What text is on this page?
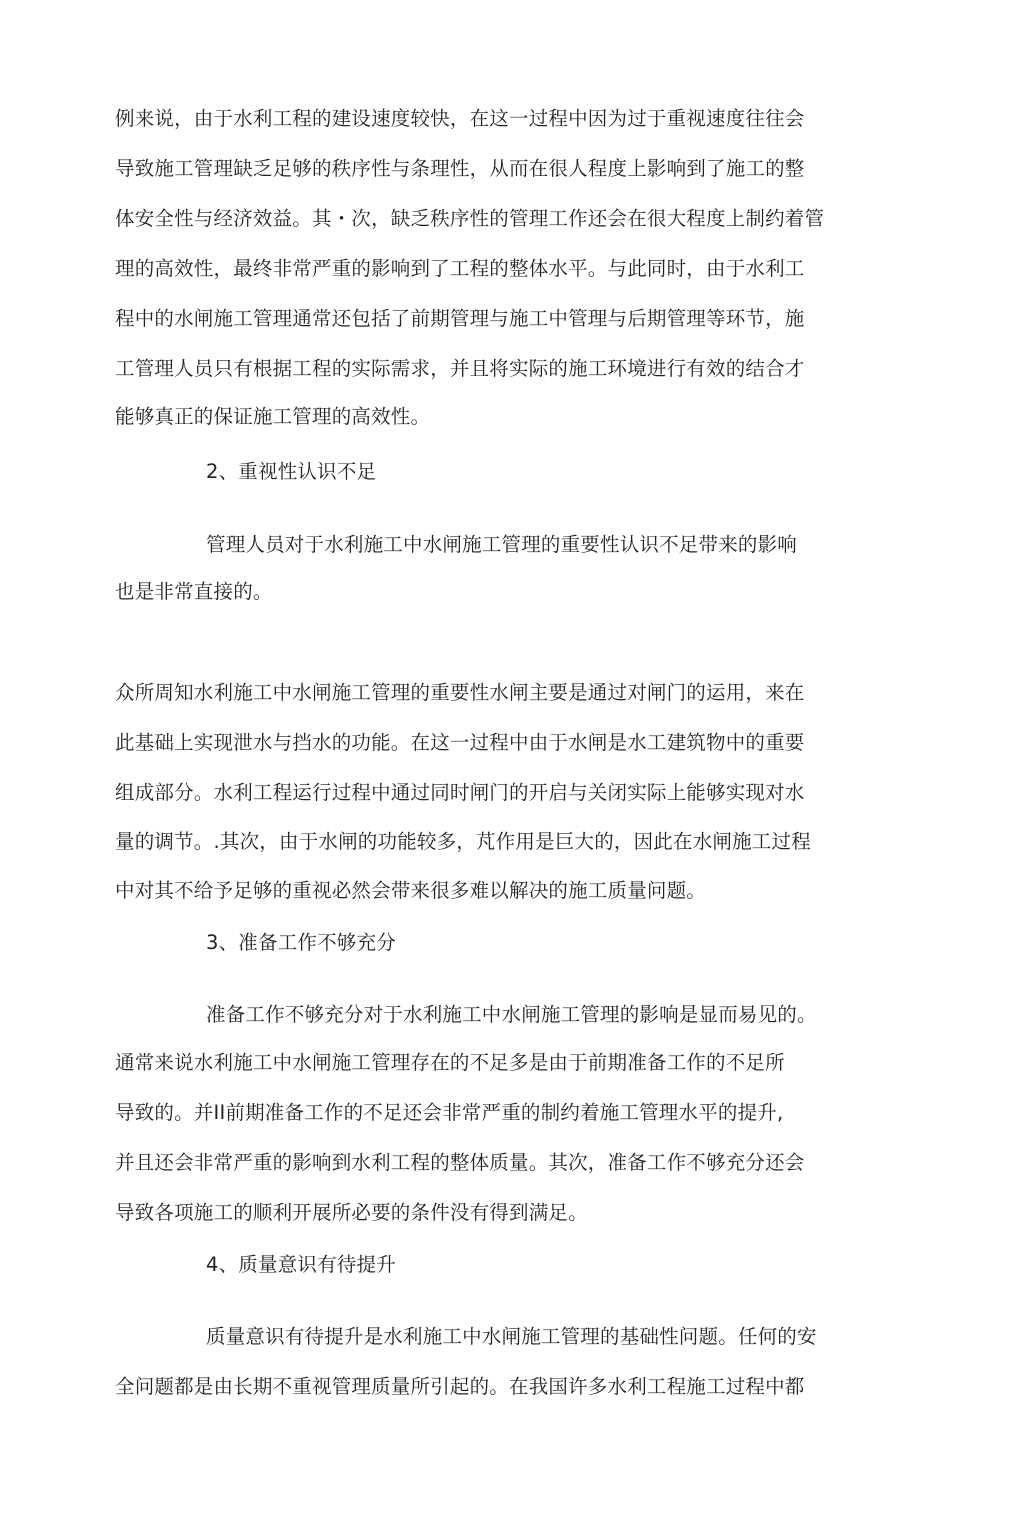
例来说，由于水利工程的建设速度较快，在这一过程中因为过于重视速度往往会
导致施工管理缺乏足够的秩序性与条理性，从而在很人程度上影响到了施工的整
体安全性与经济效益。其・次，缺乏秩序性的管理工作还会在很大程度上制约着管
理的高效性，最终非常严重的影响到了工程的整体水平。与此同时，由于水利工
程中的水闸施工管理通常还包括了前期管理与施工中管理与后期管理等环节，施
工管理人员只有根据工程的实际需求，并且将实际的施工环境进行有效的结合才
能够真正的保证施工管理的高效性。
2、重视性认识不足
管理人员对于水利施工中水闸施工管理的重要性认识不足带来的影响
也是非常直接的。
众所周知水利施工中水闸施工管理的重要性水闸主要是通过对闸门的运用，来在
此基础上实现泄水与挡水的功能。在这一过程中由于水闸是水工建筑物中的重要
组成部分。水利工程运行过程中通过同时闸门的开启与关闭实际上能够实现对水
量的调节。.其次，由于水闸的功能较多，芃作用是巨大的，因此在水闸施工过程
中对其不给予足够的重视必然会带来很多难以解决的施工质量问题。
3、准备工作不够充分
准备工作不够充分对于水利施工中水闸施工管理的影响是显而易见的。
通常来说水利施工中水闸施工管理存在的不足多是由于前期准备工作的不足所
导致的。并II前期准备工作的不足还会非常严重的制约着施工管理水平的提升,
并且还会非常严重的影响到水利工程的整体质量。其次，准备工作不够充分还会
导致各项施工的顺利开展所必要的条件没有得到满足。
4、质量意识有待提升
质量意识有待提升是水利施工中水闸施工管理的基础性问题。任何的安
全问题都是由长期不重视管理质量所引起的。在我国许多水利工程施工过程中都
